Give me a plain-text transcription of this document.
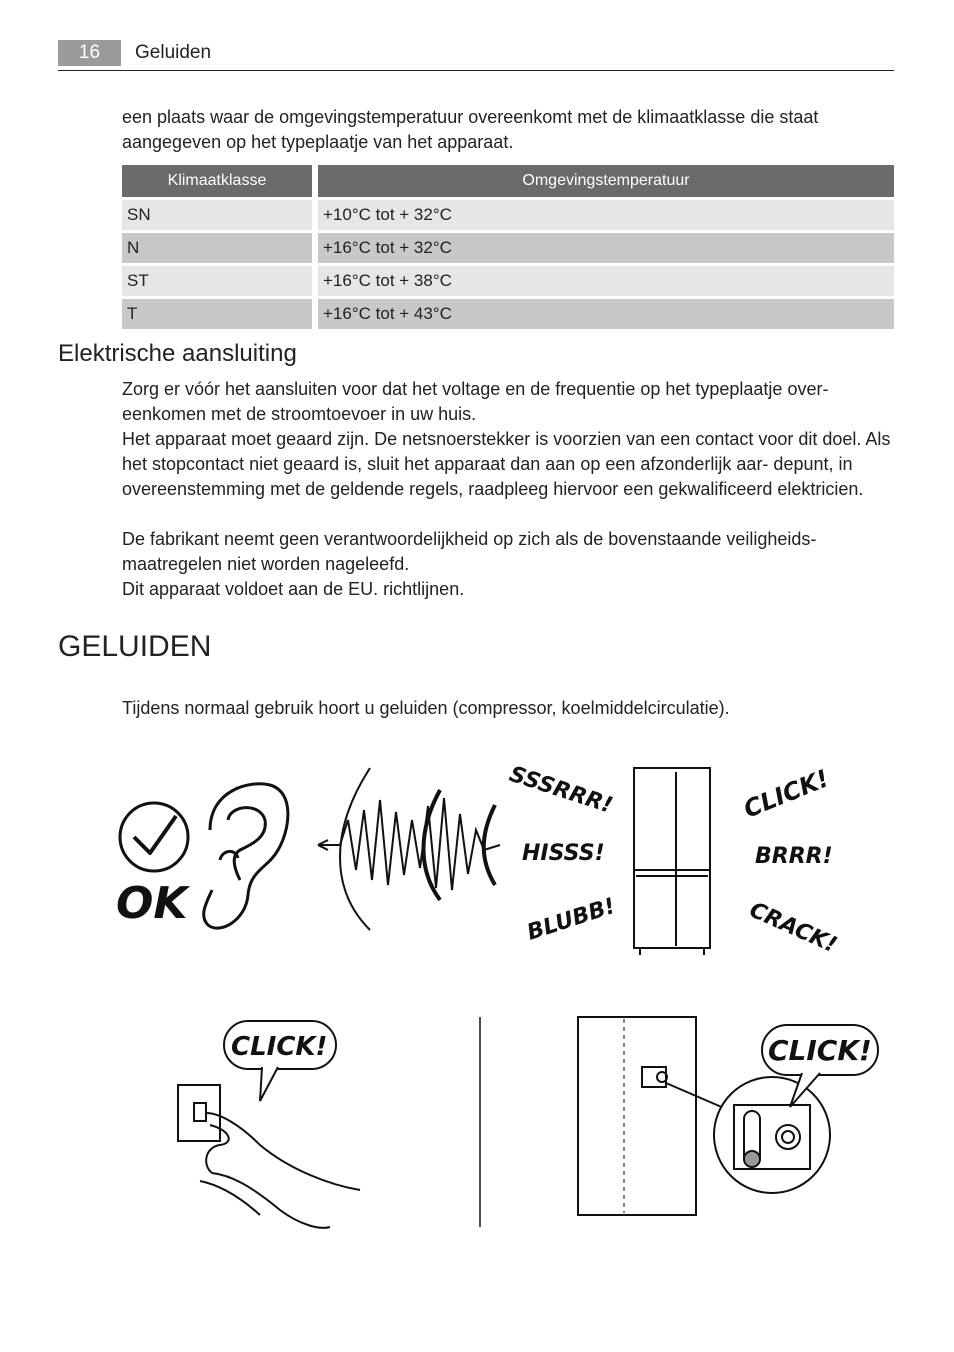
16	Geluiden
een plaats waar de omgevingstemperatuur overeenkomt met de klimaatklasse die staat aangegeven op het typeplaatje van het apparaat.
Klimaatklasse		Omgevingstemperatuur
SN		+10°C tot + 32°C
N		+16°C tot + 32°C
ST		+16°C tot + 38°C
T		+16°C tot + 43°C
Elektrische aansluiting
Zorg er vóór het aansluiten voor dat het voltage en de frequentie op het typeplaatje over- eenkomen met de stroomtoevoer in uw huis.
Het apparaat moet geaard zijn. De netsnoerstekker is voorzien van een contact voor dit doel. Als het stopcontact niet geaard is, sluit het apparaat dan aan op een afzonderlijk aar- depunt, in overeenstemming met de geldende regels, raadpleeg hiervoor een gekwalificeerd elektricien.
De fabrikant neemt geen verantwoordelijkheid op zich als de bovenstaande veiligheids- maatregelen niet worden nageleefd.
Dit apparaat voldoet aan de EU. richtlijnen.
GELUIDEN
Tijdens normaal gebruik hoort u geluiden (compressor, koelmiddelcirculatie).
OK
SSSRRR!
HISSS!
BLUBB!
CLICK!
BRRR!
CRACK!
CLICK!	CLICK!
